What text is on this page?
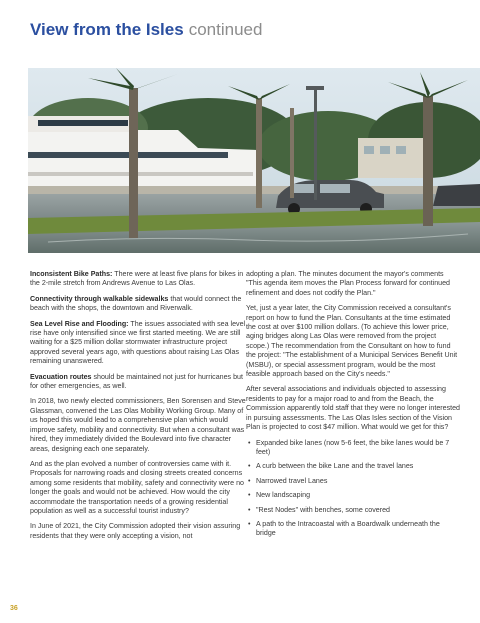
View from the Isles continued

Inconsistent Bike Paths: There were at least five plans for bikes in the 2-mile stretch from Andrews Avenue to Las Olas.

Connectivity through walkable sidewalks that would connect the beach with the shops, the downtown and Riverwalk.

Sea Level Rise and Flooding: The issues associated with sea level rise have only intensified since we first started meeting. We are still waiting for a $25 million dollar stormwater infrastructure project approved several years ago, with questions about raising Las Olas remaining unanswered.

Evacuation routes should be maintained not just for hurricanes but for other emergencies, as well.

In 2018, two newly elected commissioners, Ben Sorensen and Steve Glassman, convened the Las Olas Mobility Working Group. Many of us hoped this would lead to a comprehensive plan which would improve safety, mobility and connectivity. But when a consultant was hired, they immediately divided the Boulevard into five character areas, designing each one separately.

And as the plan evolved a number of controversies came with it. Proposals for narrowing roads and closing streets created concerns among some residents that mobility, safety and connectivity were no longer the goals and would not be achieved. How would the city accommodate the transportation needs of a growing residential population as well as a successful tourist industry?

In June of 2021, the City Commission adopted their vision assuring residents that they were only accepting a vision, not

adopting a plan. The minutes document the mayor's comments "This agenda item moves the Plan Process forward for continued refinement and does not codify the Plan."

Yet, just a year later, the City Commission received a consultant's report on how to fund the Plan. Consultants at the time estimated the cost at over $100 million dollars. (To achieve this lower price, aging bridges along Las Olas were removed from the project scope.) The recommendation from the Consultant on how to fund the project: "The establishment of a Municipal Services Benefit Unit (MSBU), or special assessment program, would be the most feasible approach based on the City's needs."

After several associations and individuals objected to assessing residents to pay for a major road to and from the Beach, the Commission apparently told staff that they were no longer interested in pursuing assessments. The Las Olas Isles section of the Vision Plan is projected to cost $47 million. What would we get for this?

• Expanded bike lanes (now 5-6 feet, the bike lanes would be 7 feet)
• A curb between the bike Lane and the travel lanes
• Narrowed travel Lanes
• New landscaping
• "Rest Nodes" with benches, some covered
• A path to the Intracoastal with a Boardwalk underneath the bridge
36
